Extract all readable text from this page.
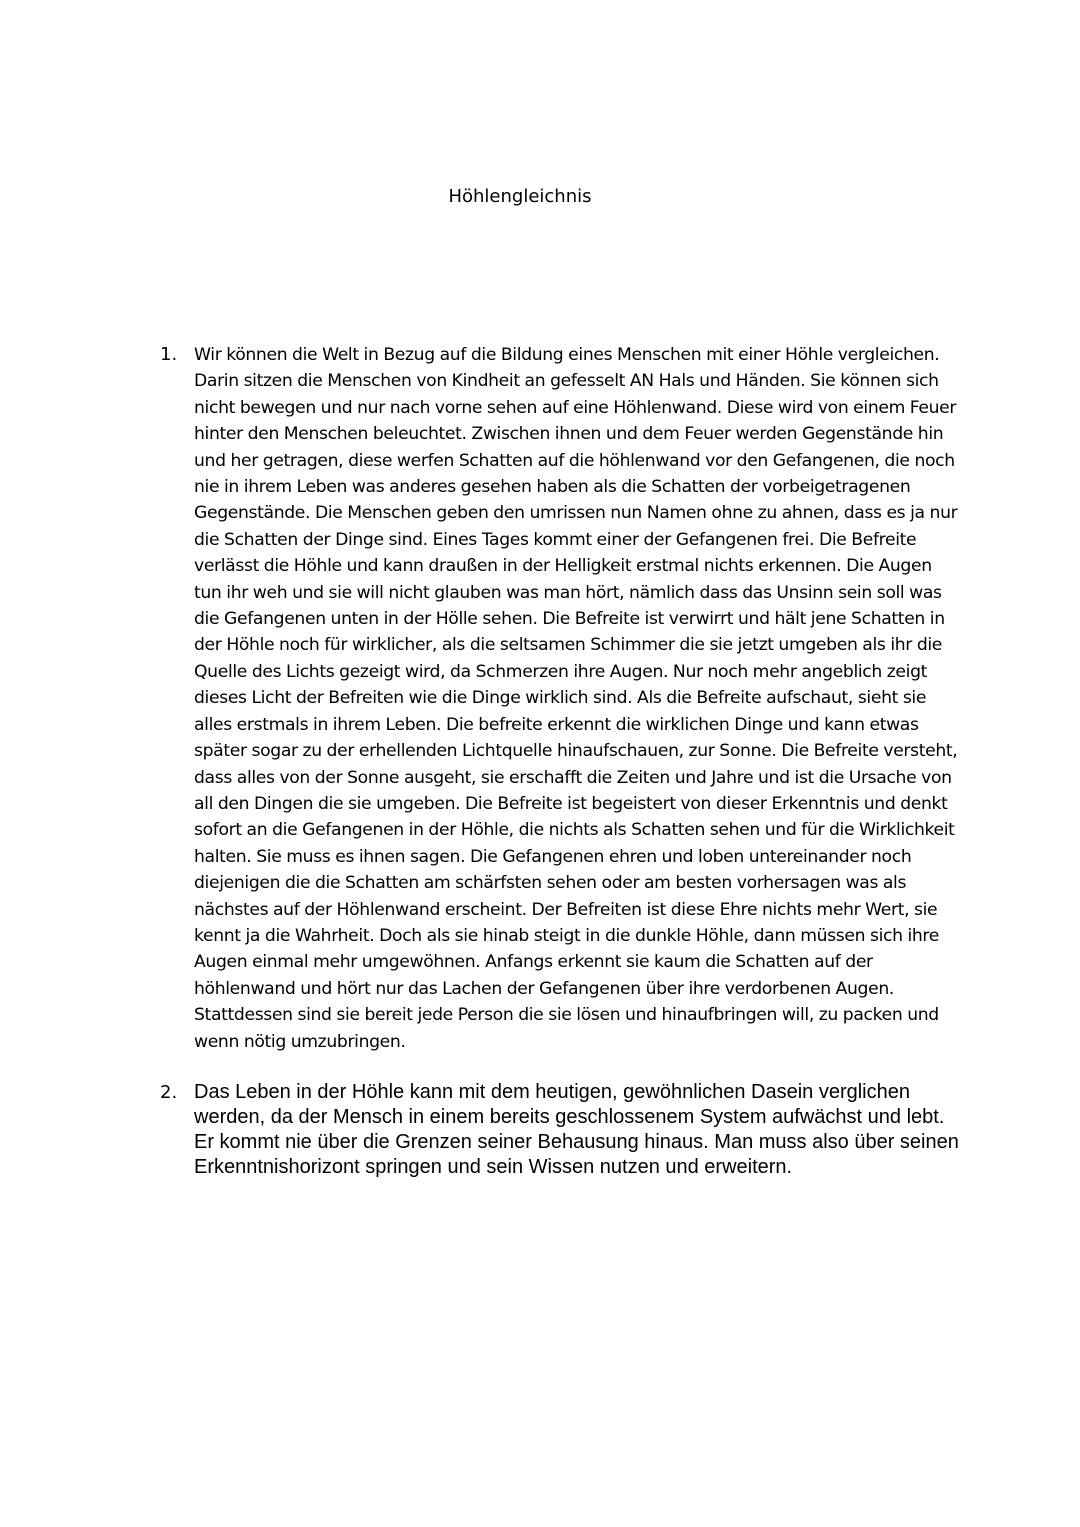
Höhlengleichnis
1. Wir können die Welt in Bezug auf die Bildung eines Menschen mit einer Höhle vergleichen. Darin sitzen die Menschen von Kindheit an gefesselt AN Hals und Händen. Sie können sich nicht bewegen und nur nach vorne sehen auf eine Höhlenwand. Diese wird von einem Feuer hinter den Menschen beleuchtet. Zwischen ihnen und dem Feuer werden Gegenstände hin und her getragen, diese werfen Schatten auf die höhlenwand vor den Gefangenen, die noch nie in ihrem Leben was anderes gesehen haben als die Schatten der vorbeigetragenen Gegenstände. Die Menschen geben den umrissen nun Namen ohne zu ahnen, dass es ja nur die Schatten der Dinge sind. Eines Tages kommt einer der Gefangenen frei. Die Befreite verlässt die Höhle und kann draußen in der Helligkeit erstmal nichts erkennen. Die Augen tun ihr weh und sie will nicht glauben was man hört, nämlich dass das Unsinn sein soll was die Gefangenen unten in der Hölle sehen. Die Befreite ist verwirrt und hält jene Schatten in der Höhle noch für wirklicher, als die seltsamen Schimmer die sie jetzt umgeben als ihr die Quelle des Lichts gezeigt wird, da Schmerzen ihre Augen. Nur noch mehr angeblich zeigt dieses Licht der Befreiten wie die Dinge wirklich sind. Als die Befreite aufschaut, sieht sie alles erstmals in ihrem Leben. Die befreite erkennt die wirklichen Dinge und kann etwas später sogar zu der erhellenden Lichtquelle hinaufschauen, zur Sonne. Die Befreite versteht, dass alles von der Sonne ausgeht, sie erschafft die Zeiten und Jahre und ist die Ursache von all den Dingen die sie umgeben. Die Befreite ist begeistert von dieser Erkenntnis und denkt sofort an die Gefangenen in der Höhle, die nichts als Schatten sehen und für die Wirklichkeit halten. Sie muss es ihnen sagen. Die Gefangenen ehren und loben untereinander noch diejenigen die die Schatten am schärfsten sehen oder am besten vorhersagen was als nächstes auf der Höhlenwand erscheint. Der Befreiten ist diese Ehre nichts mehr Wert, sie kennt ja die Wahrheit. Doch als sie hinab steigt in die dunkle Höhle, dann müssen sich ihre Augen einmal mehr umgewöhnen. Anfangs erkennt sie kaum die Schatten auf der höhlenwand und hört nur das Lachen der Gefangenen über ihre verdorbenen Augen. Stattdessen sind sie bereit jede Person die sie lösen und hinaufbringen will, zu packen und wenn nötig umzubringen.
2. Das Leben in der Höhle kann mit dem heutigen, gewöhnlichen Dasein verglichen werden, da der Mensch in einem bereits geschlossenem System aufwächst und lebt. Er kommt nie über die Grenzen seiner Behausung hinaus. Man muss also über seinen Erkenntnishorizont springen und sein Wissen nutzen und erweitern.
